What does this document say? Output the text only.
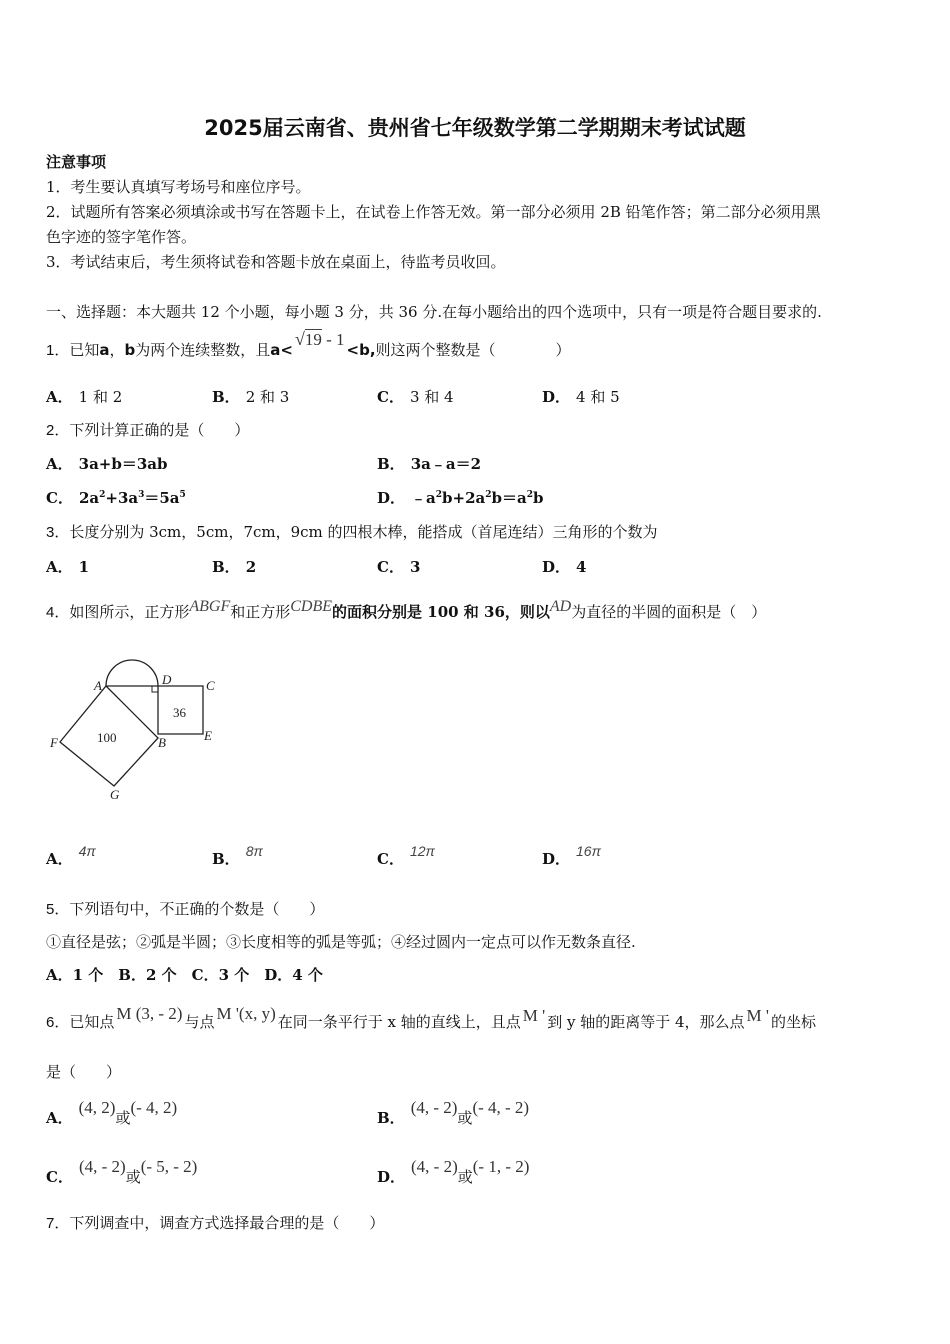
2025届云南省、贵州省七年级数学第二学期期末考试试题
注意事项
1．考生要认真填写考场号和座位序号。
2．试题所有答案必须填涂或书写在答题卡上，在试卷上作答无效。第一部分必须用 2B 铅笔作答；第二部分必须用黑
色字迹的签字笔作答。
3．考试结束后，考生须将试卷和答题卡放在桌面上，待监考员收回。
一、选择题：本大题共 12 个小题，每小题 3 分，共 36 分.在每小题给出的四个选项中，只有一项是符合题目要求的.
1．已知a，b为两个连续整数，且a<√19 - 1<b,则这两个整数是（　　　　）
A． 1 和 2	B． 2 和 3	C． 3 和 4	D． 4 和 5
2．下列计算正确的是（　　）
A． 3a+b＝3ab	B． 3a﹣a＝2
C． $2a^2+3a^3=5a^5$	D． $﹣a^2b+2a^2b=a^2b$
3．长度分别为 3cm，5cm，7cm，9cm 的四根木棒，能搭成（首尾连结）三角形的个数为
A． 1	B． 2	C． 3	D． 4
4．如图所示，正方形ABGF和正方形CDBE的面积分别是 100 和 36，则以AD为直径的半圆的面积是（　）
A	D	C
B	E
F
G
100
36
A． 4π	B． 8π	C． 12π	D． 16π
5．下列语句中，不正确的个数是（　　）
①直径是弦；②弧是半圆；③长度相等的弧是等弧；④经过圆内一定点可以作无数条直径.
A．1 个　B．2 个　C．3 个　D．4 个
6．已知点 M (3, - 2) 与点 M '(x, y) 在同一条平行于 x 轴的直线上，且点 M ' 到 y 轴的距离等于 4，那么点 M ' 的坐标
是（　　）
A．(4, 2)或(- 4, 2)
B．(4, - 2)或(- 4, - 2)
C．(4, - 2)或(- 5, - 2)
D．(4, - 2)或(- 1, - 2)
7．下列调查中，调查方式选择最合理的是（　　）
